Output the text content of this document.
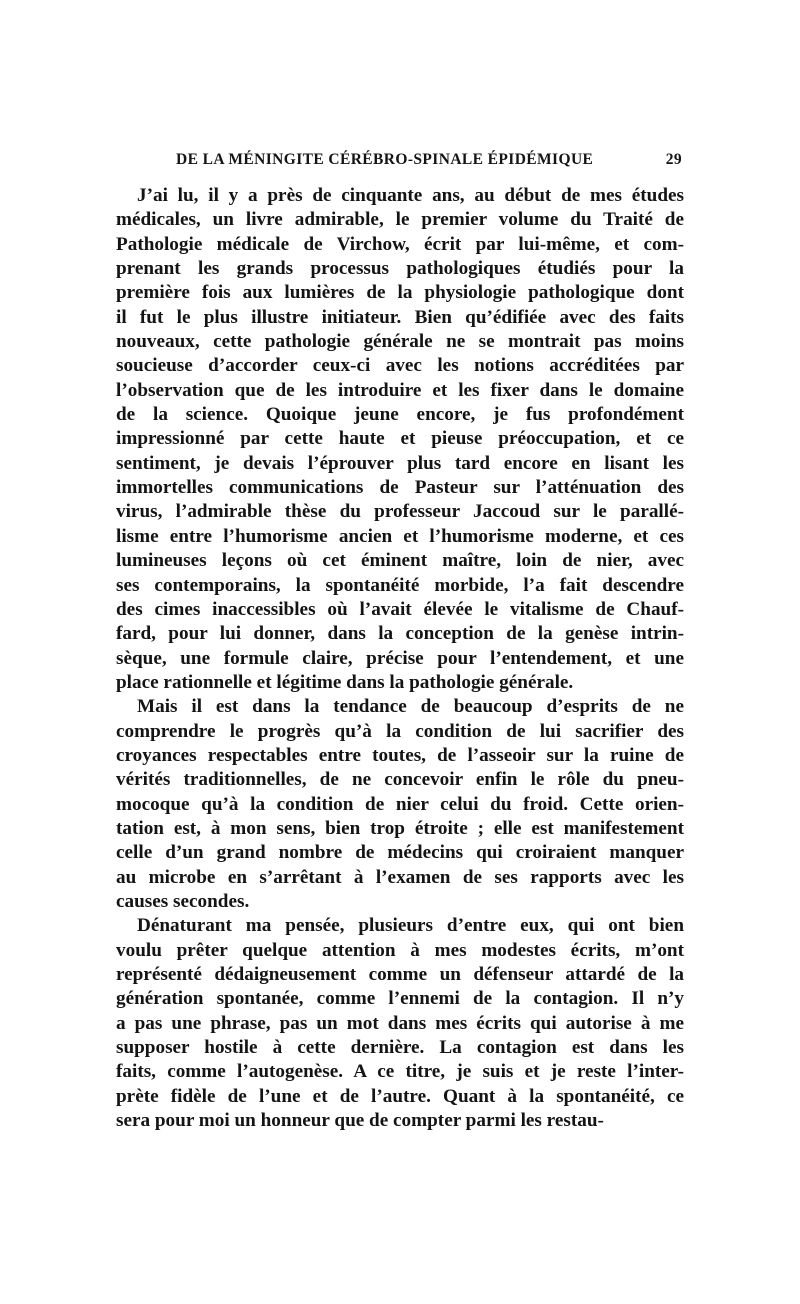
DE LA MÉNINGITE CÉRÉBRO-SPINALE ÉPIDÉMIQUE	29
J’ai lu, il y a près de cinquante ans, au début de mes études
médicales, un livre admirable, le premier volume du Traité de
Pathologie médicale de Virchow, écrit par lui-même, et com-
prenant les grands processus pathologiques étudiés pour la
première fois aux lumières de la physiologie pathologique dont
il fut le plus illustre initiateur. Bien qu’édifiée avec des faits
nouveaux, cette pathologie générale ne se montrait pas moins
soucieuse d’accorder ceux-ci avec les notions accréditées par
l’observation que de les introduire et les fixer dans le domaine
de la science. Quoique jeune encore, je fus profondément
impressionné par cette haute et pieuse préoccupation, et ce
sentiment, je devais l’éprouver plus tard encore en lisant les
immortelles communications de Pasteur sur l’atténuation des
virus, l’admirable thèse du professeur Jaccoud sur le parallé-
lisme entre l’humorisme ancien et l’humorisme moderne, et ces
lumineuses leçons où cet éminent maître, loin de nier, avec
ses contemporains, la spontanéité morbide, l’a fait descendre
des cimes inaccessibles où l’avait élevée le vitalisme de Chauf-
fard, pour lui donner, dans la conception de la genèse intrin-
sèque, une formule claire, précise pour l’entendement, et une
place rationnelle et légitime dans la pathologie générale.
Mais il est dans la tendance de beaucoup d’esprits de ne
comprendre le progrès qu’à la condition de lui sacrifier des
croyances respectables entre toutes, de l’asseoir sur la ruine de
vérités traditionnelles, de ne concevoir enfin le rôle du pneu-
mocoque qu’à la condition de nier celui du froid. Cette orien-
tation est, à mon sens, bien trop étroite ; elle est manifestement
celle d’un grand nombre de médecins qui croiraient manquer
au microbe en s’arrêtant à l’examen de ses rapports avec les
causes secondes.
Dénaturant ma pensée, plusieurs d’entre eux, qui ont bien
voulu prêter quelque attention à mes modestes écrits, m’ont
représenté dédaigneusement comme un défenseur attardé de la
génération spontanée, comme l’ennemi de la contagion. Il n’y
a pas une phrase, pas un mot dans mes écrits qui autorise à me
supposer hostile à cette dernière. La contagion est dans les
faits, comme l’autogenèse. A ce titre, je suis et je reste l’inter-
prète fidèle de l’une et de l’autre. Quant à la spontanéité, ce
sera pour moi un honneur que de compter parmi les restau-
